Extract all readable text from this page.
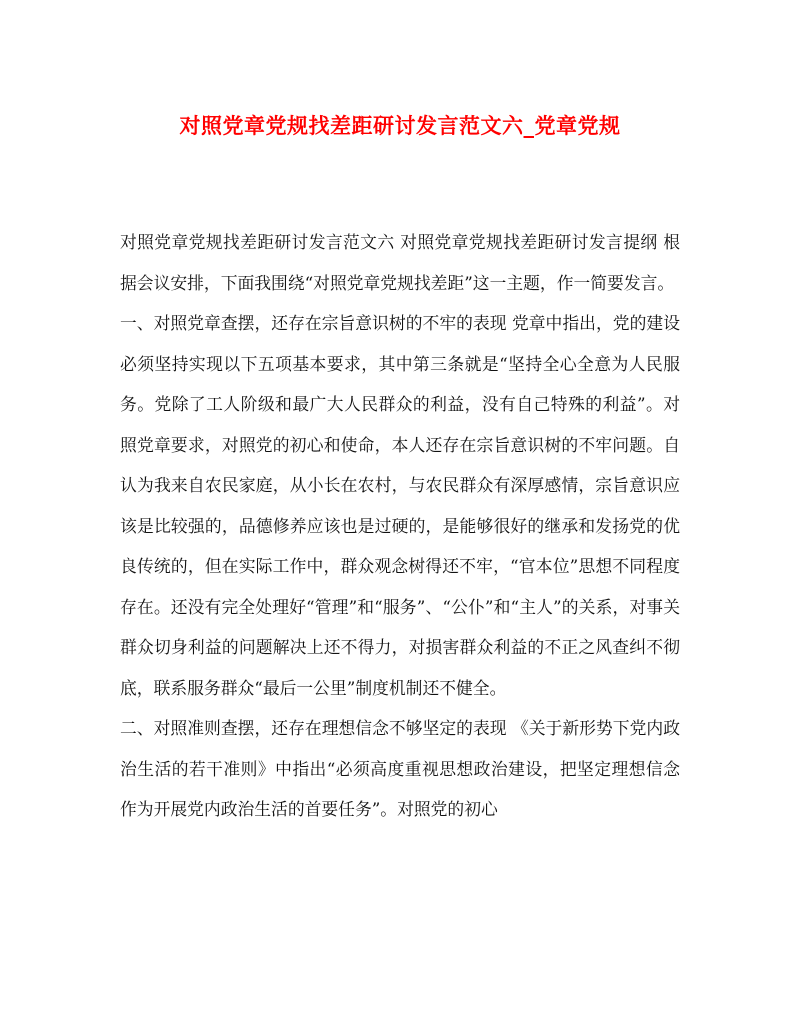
对照党章党规找差距研讨发言范文六_党章党规

对照党章党规找差距研讨发言范文六 对照党章党规找差距研讨发言提纲 根据会议安排，下面我围绕“对照党章党规找差距”这一主题，作一简要发言。

一、对照党章查摆，还存在宗旨意识树的不牢的表现 党章中指出，党的建设必须坚持实现以下五项基本要求，其中第三条就是“坚持全心全意为人民服务。党除了工人阶级和最广大人民群众的利益，没有自己特殊的利益”。对照党章要求，对照党的初心和使命，本人还存在宗旨意识树的不牢问题。自认为我来自农民家庭，从小长在农村，与农民群众有深厚感情，宗旨意识应该是比较强的，品德修养应该也是过硬的，是能够很好的继承和发扬党的优良传统的，但在实际工作中，群众观念树得还不牢，“官本位”思想不同程度存在。还没有完全处理好“管理”和“服务”、“公仆”和“主人”的关系，对事关群众切身利益的问题解决上还不得力，对损害群众利益的不正之风查纠不彻底，联系服务群众“最后一公里”制度机制还不健全。

二、对照准则查摆，还存在理想信念不够坚定的表现 《关于新形势下党内政治生活的若干准则》中指出“必须高度重视思想政治建设，把坚定理想信念作为开展党内政治生活的首要任务”。对照党的初心
